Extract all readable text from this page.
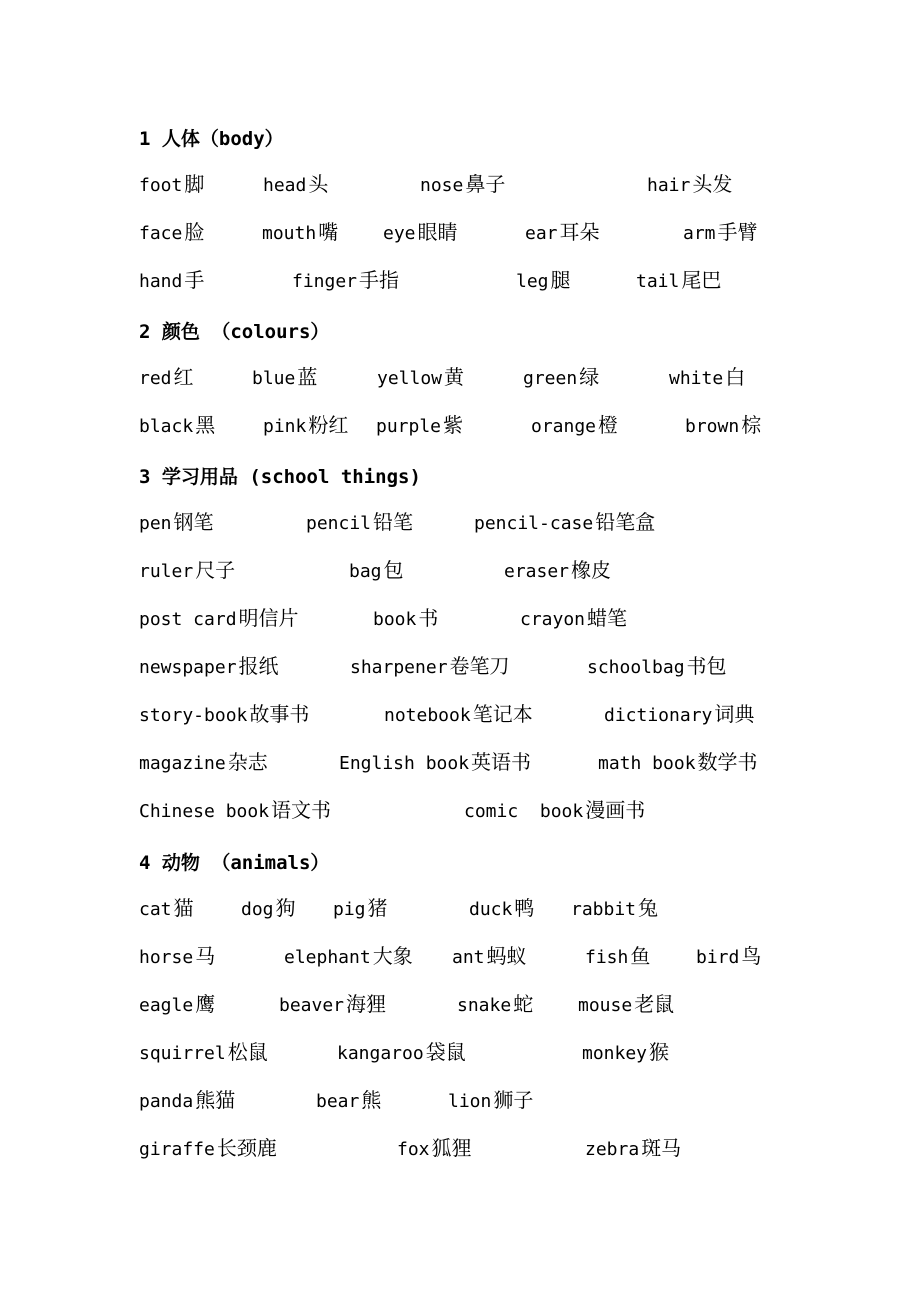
1 人体（body）
foot 脚	head 头	nose 鼻子	hair 头发
face 脸	mouth 嘴 eye 眼睛	ear 耳朵	arm 手臂
hand 手	finger 手指	leg 腿	tail 尾巴
2 颜色 （colours）
red 红	blue 蓝	yellow 黄	green 绿	white 白
black 黑	pink 粉红 purple 紫	orange 橙	brown 棕
3 学习用品 (school things)
pen 钢笔	pencil 铅笔	pencil-case 铅笔盒
ruler 尺子	bag 包	eraser 橡皮
post card 明信片	book 书	crayon 蜡笔
newspaper 报纸	sharpener 卷笔刀	schoolbag 书包
story-book 故事书	notebook 笔记本	dictionary 词典
magazine 杂志	English book 英语书	math book 数学书
Chinese book 语文书	comic  book 漫画书
4 动物 （animals）
cat 猫	dog 狗 pig 猪	duck 鸭 rabbit 兔
horse 马	elephant 大象 ant 蚂蚁	fish 鱼	bird 鸟
eagle 鹰	beaver 海狸	snake 蛇 mouse 老鼠
squirrel 松鼠	kangaroo 袋鼠	monkey 猴
panda 熊猫	bear 熊	lion 狮子
giraffe 长颈鹿	fox 狐狸	zebra 斑马
